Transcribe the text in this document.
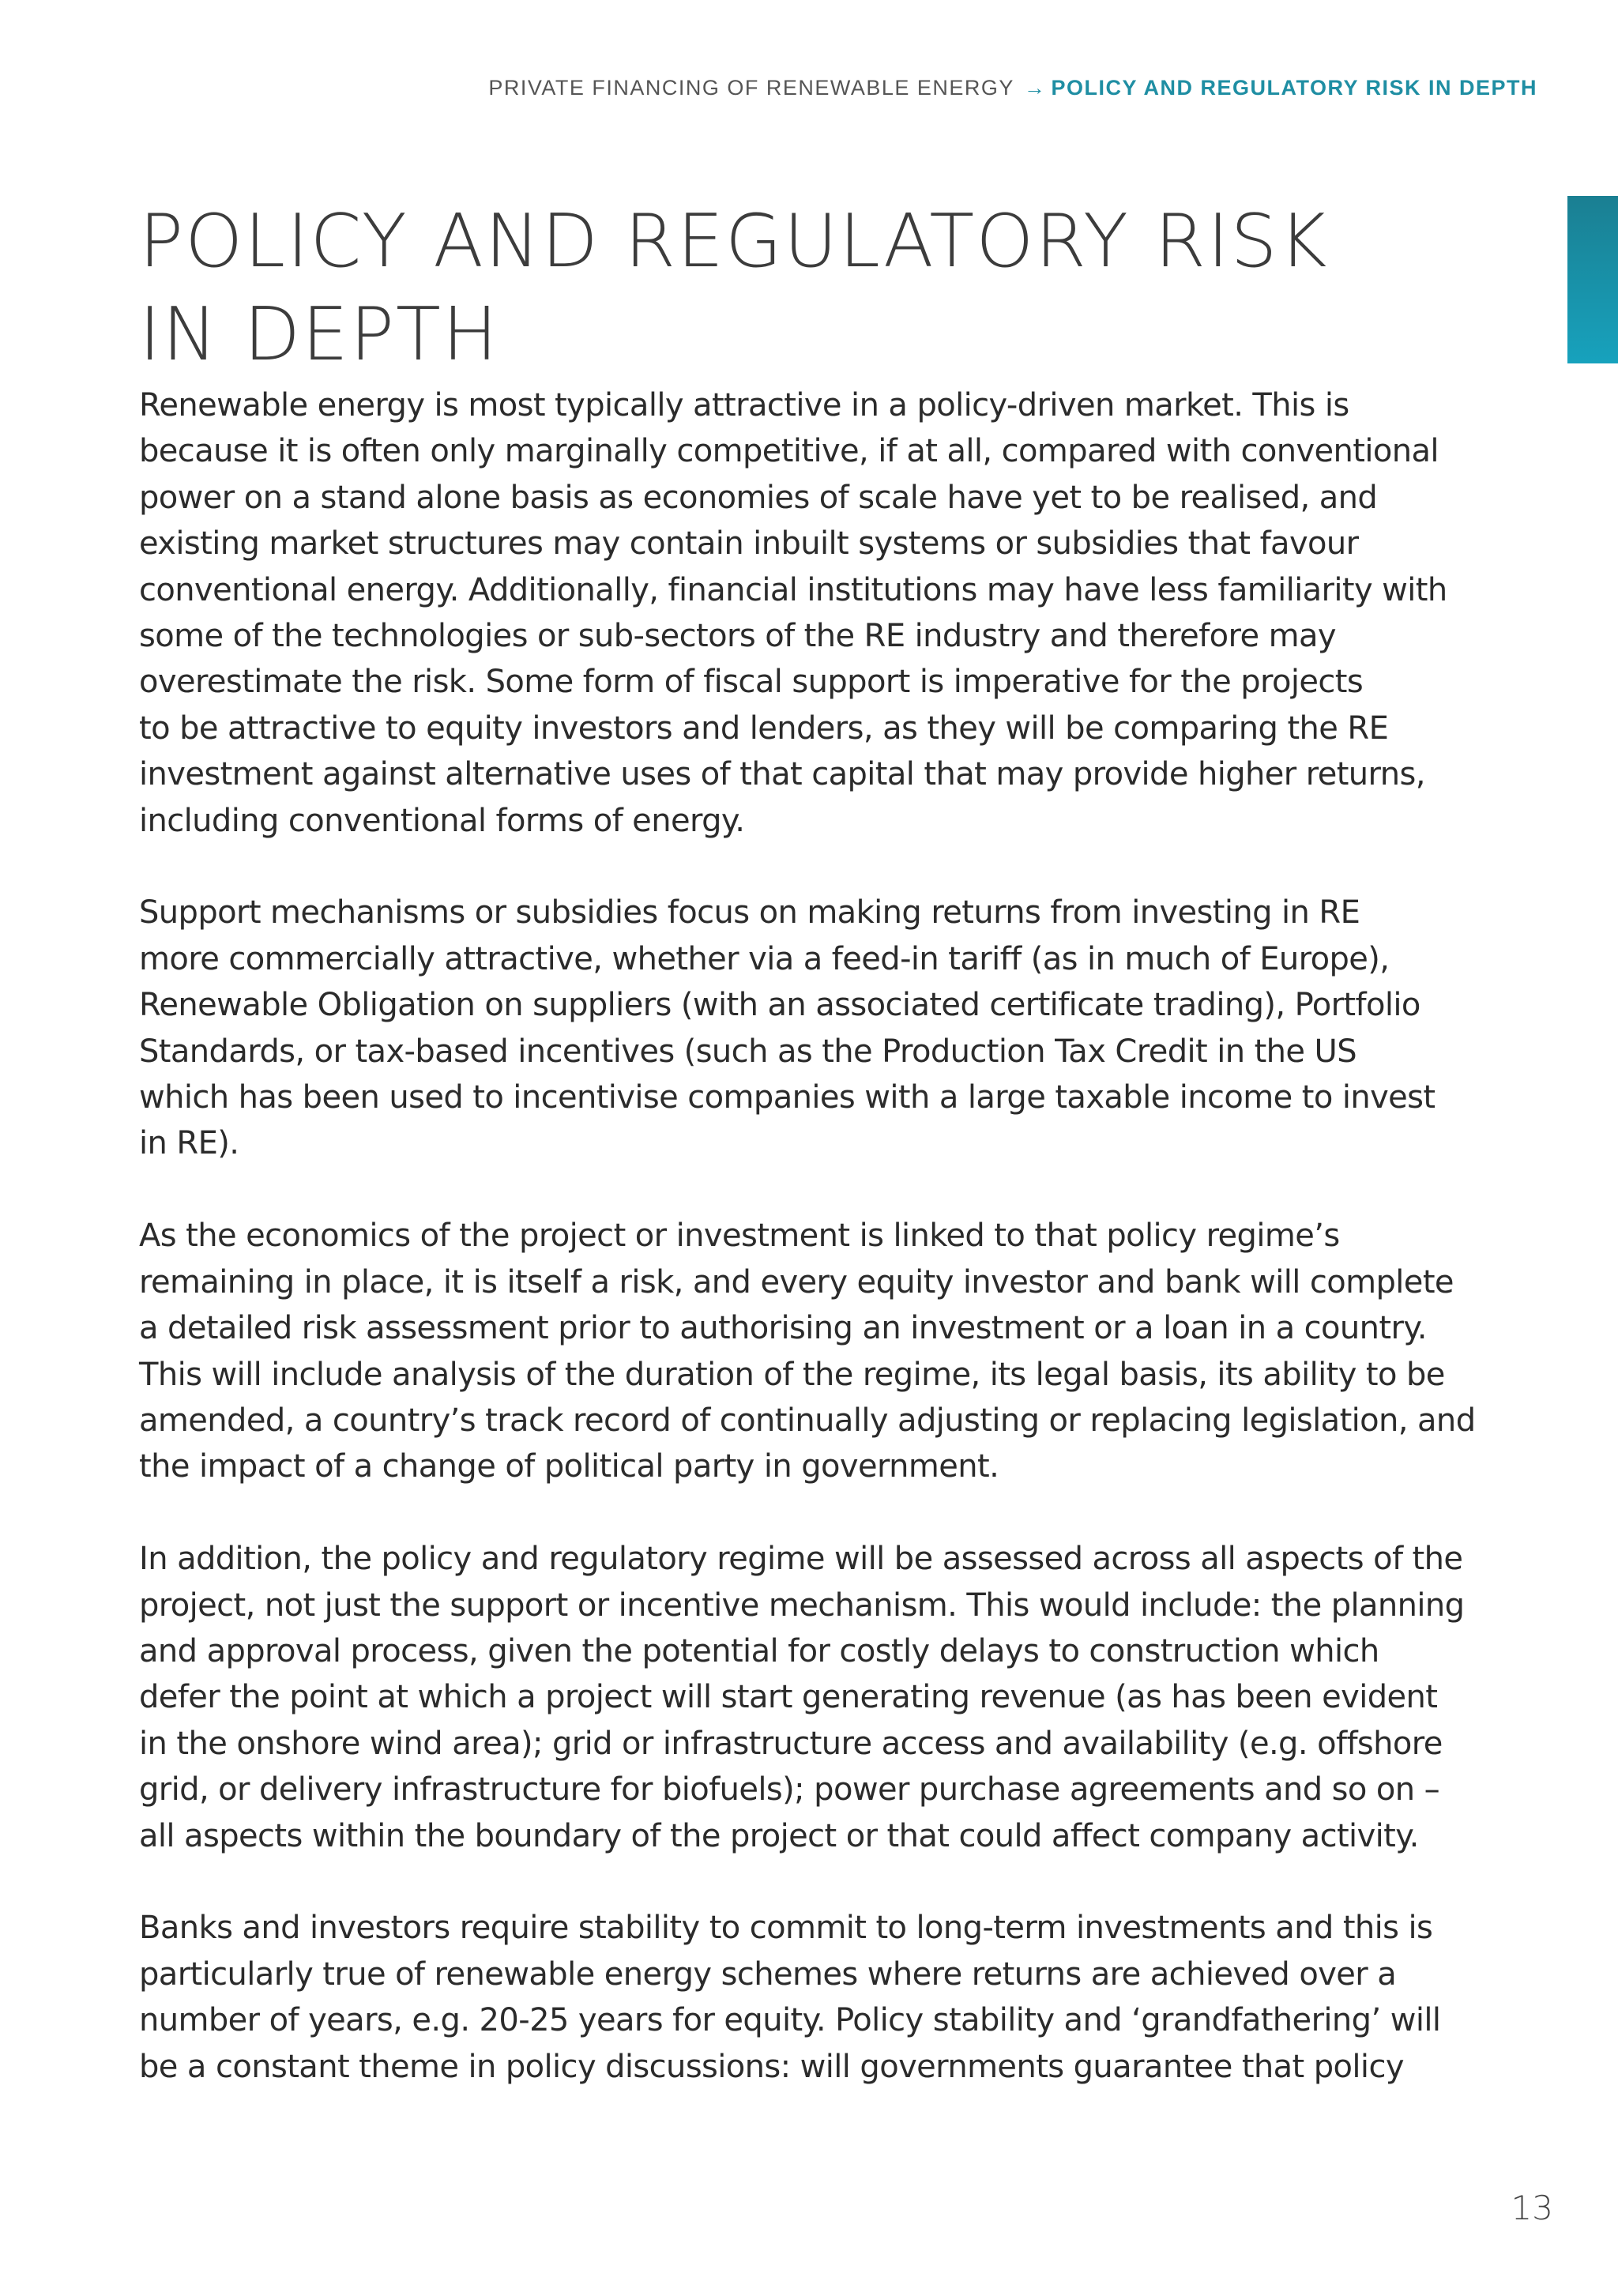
PRIVATE FINANCING OF RENEWABLE ENERGY → POLICY AND REGULATORY RISK IN DEPTH
POLICY AND REGULATORY RISK
IN DEPTH

Renewable energy is most typically attractive in a policy-driven market. This is
because it is often only marginally competitive, if at all, compared with conventional
power on a stand alone basis as economies of scale have yet to be realised, and
existing market structures may contain inbuilt systems or subsidies that favour
conventional energy. Additionally, financial institutions may have less familiarity with
some of the technologies or sub-sectors of the RE industry and therefore may
overestimate the risk. Some form of fiscal support is imperative for the projects
to be attractive to equity investors and lenders, as they will be comparing the RE
investment against alternative uses of that capital that may provide higher returns,
including conventional forms of energy.

Support mechanisms or subsidies focus on making returns from investing in RE
more commercially attractive, whether via a feed-in tariff (as in much of Europe),
Renewable Obligation on suppliers (with an associated certificate trading), Portfolio
Standards, or tax-based incentives (such as the Production Tax Credit in the US
which has been used to incentivise companies with a large taxable income to invest
in RE).

As the economics of the project or investment is linked to that policy regime’s
remaining in place, it is itself a risk, and every equity investor and bank will complete
a detailed risk assessment prior to authorising an investment or a loan in a country.
This will include analysis of the duration of the regime, its legal basis, its ability to be
amended, a country’s track record of continually adjusting or replacing legislation, and
the impact of a change of political party in government.

In addition, the policy and regulatory regime will be assessed across all aspects of the
project, not just the support or incentive mechanism. This would include: the planning
and approval process, given the potential for costly delays to construction which
defer the point at which a project will start generating revenue (as has been evident
in the onshore wind area); grid or infrastructure access and availability (e.g. offshore
grid, or delivery infrastructure for biofuels); power purchase agreements and so on –
all aspects within the boundary of the project or that could affect company activity.

Banks and investors require stability to commit to long-term investments and this is
particularly true of renewable energy schemes where returns are achieved over a
number of years, e.g. 20-25 years for equity. Policy stability and ‘grandfathering’ will
be a constant theme in policy discussions: will governments guarantee that policy

13
